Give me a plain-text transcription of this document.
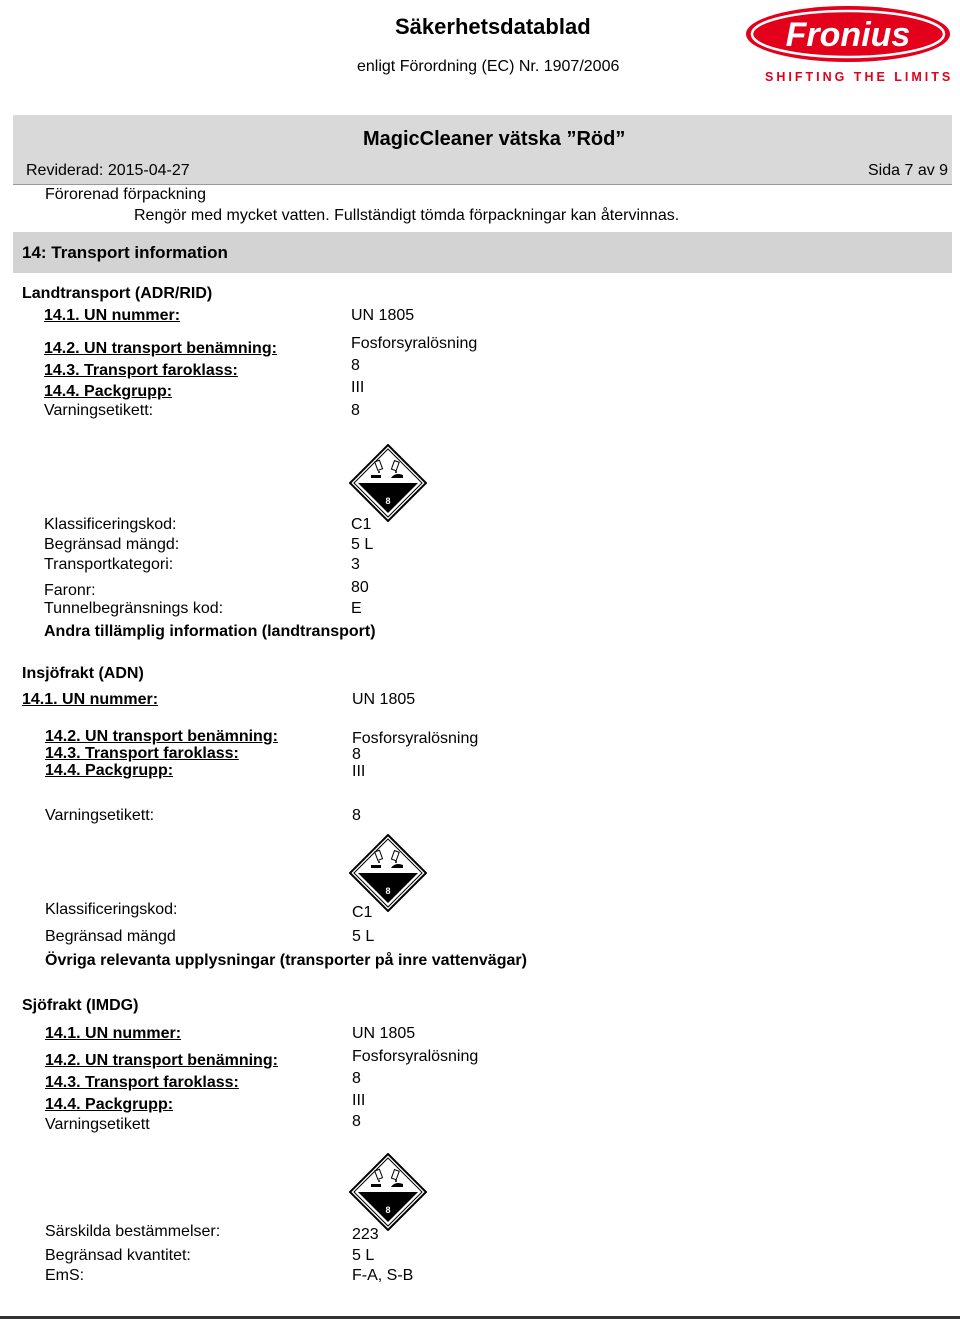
Säkerhetsdatablad
enligt Förordning (EC) Nr. 1907/2006
Fronius
SHIFTING THE LIMITS
MagicCleaner vätska ”Röd”
Reviderad: 2015-04-27	Sida 7 av 9
Förorenad förpackning
Rengör med mycket vatten. Fullständigt tömda förpackningar kan återvinnas.
14: Transport information
Landtransport (ADR/RID)
14.1. UN nummer:	UN 1805
14.2. UN transport benämning:	Fosforsyralösning
14.3. Transport faroklass:	8
14.4. Packgrupp:	III
Varningsetikett:	8
8
Klassificeringskod:	C1
Begränsad mängd:	5 L
Transportkategori:	3
Faronr:	80
Tunnelbegränsnings kod:	E
Andra tillämplig information (landtransport)
Insjöfrakt (ADN)
14.1. UN nummer:	UN 1805
14.2. UN transport benämning:	Fosforsyralösning
14.3. Transport faroklass:	8
14.4. Packgrupp:	III
Varningsetikett:	8
8
Klassificeringskod:	C1
Begränsad mängd	5 L
Övriga relevanta upplysningar (transporter på inre vattenvägar)
Sjöfrakt (IMDG)
14.1. UN nummer:	UN 1805
14.2. UN transport benämning:	Fosforsyralösning
14.3. Transport faroklass:	8
14.4. Packgrupp:	III
Varningsetikett	8
8
Särskilda bestämmelser:	223
Begränsad kvantitet:	5 L
EmS:	F-A, S-B
